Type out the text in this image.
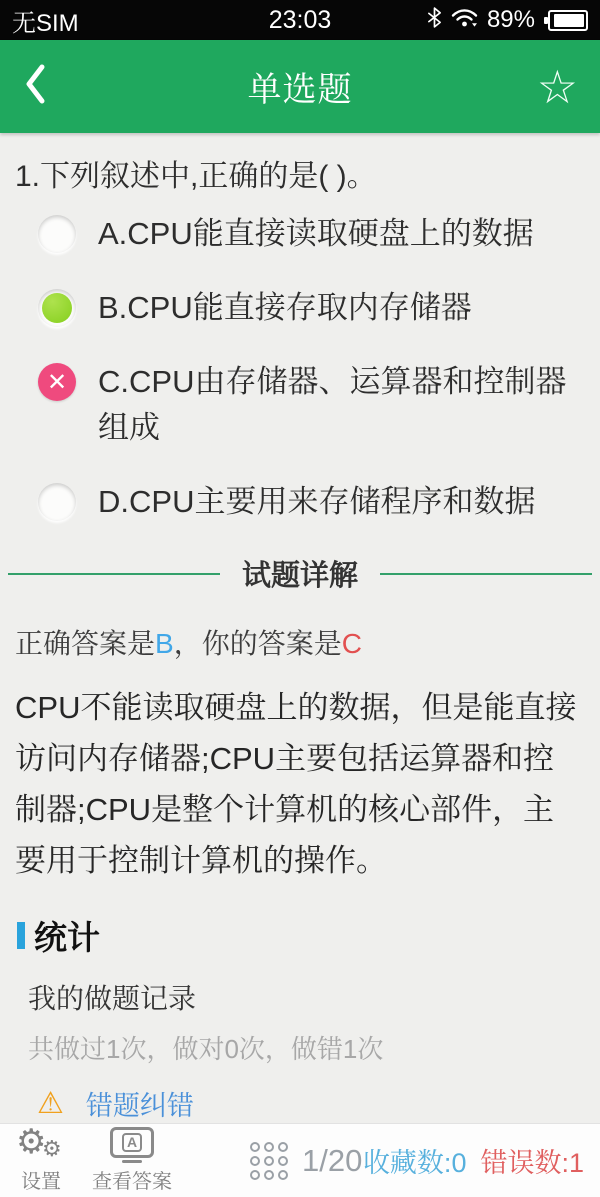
无SIM	23:03	89%
单选题	☆
1.下列叙述中,正确的是( )。
A.CPU能直接读取硬盘上的数据
B.CPU能直接存取内存储器
✕
C.CPU由存储器、运算器和控制器组成
D.CPU主要用来存储程序和数据
试题详解
正确答案是B，你的答案是C
CPU不能读取硬盘上的数据，但是能直接访问内存储器;CPU主要包括运算器和控制器;CPU是整个计算机的核心部件，主要用于控制计算机的操作。
统计
我的做题记录
共做过1次，做对0次，做错1次
⚠ 错题纠错
⚙
⚙
设置
A
查看答案
1/20 收藏数:0 错误数:1
